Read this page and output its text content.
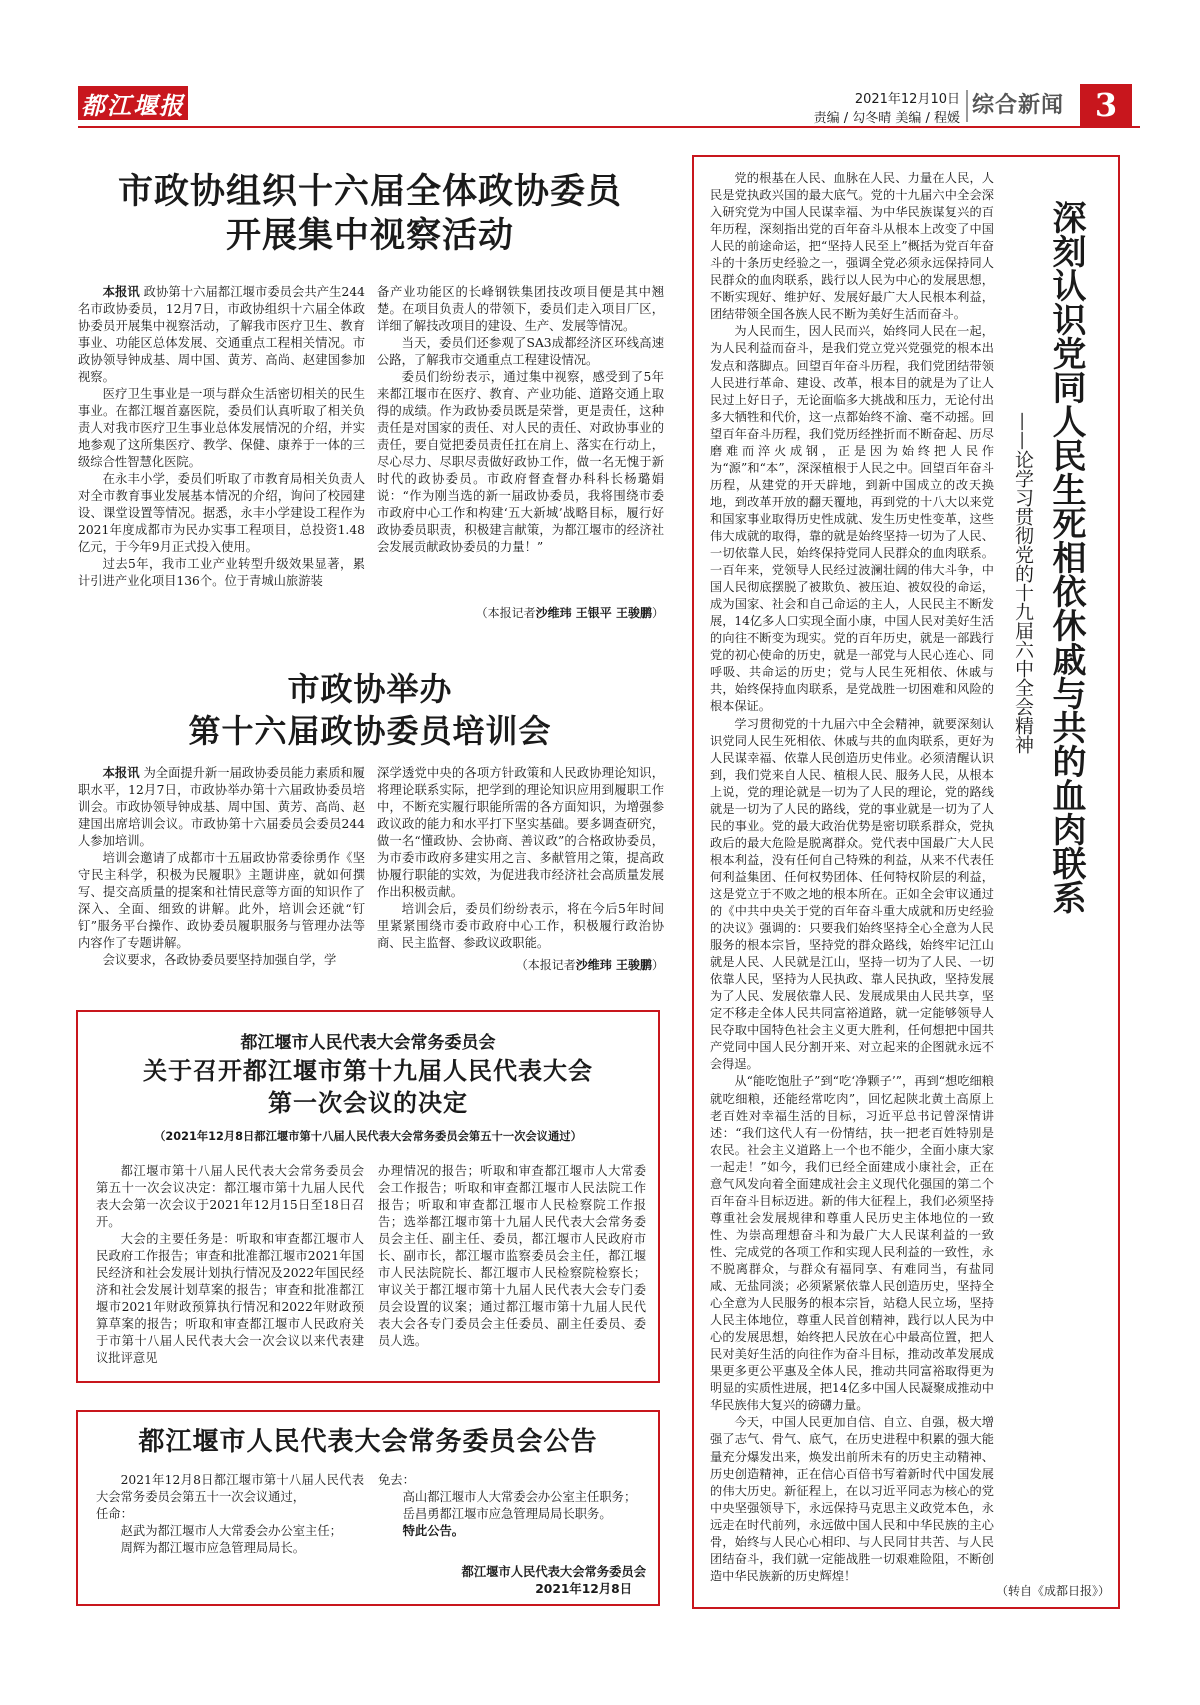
都江堰报	2021年12月10日
责编 / 勾冬晴 美编 / 程媛
综合新闻 3
市政协组织十六届全体政协委员
开展集中视察活动

本报讯 政协第十六届都江堰市委员会共产生244名市政协委员，12月7日，市政协组织十六届全体政协委员开展集中视察活动，了解我市医疗卫生、教育事业、功能区总体发展、交通重点工程相关情况。市政协领导钟成基、周中国、黄芳、高尚、赵建国参加视察。

医疗卫生事业是一项与群众生活密切相关的民生事业。在都江堰首嘉医院，委员们认真听取了相关负责人对我市医疗卫生事业总体发展情况的介绍，并实地参观了这所集医疗、教学、保健、康养于一体的三级综合性智慧化医院。

在永丰小学，委员们听取了市教育局相关负责人对全市教育事业发展基本情况的介绍，询问了校园建设、课堂设置等情况。据悉，永丰小学建设工程作为2021年度成都市为民办实事工程项目，总投资1.48亿元，于今年9月正式投入使用。

过去5年，我市工业产业转型升级效果显著，累计引进产业化项目136个。位于青城山旅游装

备产业功能区的长峰钢铁集团技改项目便是其中翘楚。在项目负责人的带领下，委员们走入项目厂区，详细了解技改项目的建设、生产、发展等情况。

当天，委员们还参观了SA3成都经济区环线高速公路，了解我市交通重点工程建设情况。

委员们纷纷表示，通过集中视察，感受到了5年来都江堰市在医疗、教育、产业功能、道路交通上取得的成绩。作为政协委员既是荣誉，更是责任，这种责任是对国家的责任、对人民的责任、对政协事业的责任，要自觉把委员责任扛在肩上、落实在行动上，尽心尽力、尽职尽责做好政协工作，做一名无愧于新时代的政协委员。市政府督查督办科科长杨璐娟说：“作为刚当选的新一届政协委员，我将围绕市委市政府中心工作和构建‘五大新城’战略目标，履行好政协委员职责，积极建言献策，为都江堰市的经济社会发展贡献政协委员的力量！”

（本报记者沙维玮 王银平 王骏鹏）
市政协举办
第十六届政协委员培训会

本报讯 为全面提升新一届政协委员能力素质和履职水平，12月7日，市政协举办第十六届政协委员培训会。市政协领导钟成基、周中国、黄芳、高尚、赵建国出席培训会议。市政协第十六届委员会委员244人参加培训。

培训会邀请了成都市十五届政协常委徐勇作《坚守民主科学，积极为民履职》主题讲座，就如何撰写、提交高质量的提案和社情民意等方面的知识作了深入、全面、细致的讲解。此外，培训会还就“钉钉”服务平台操作、政协委员履职服务与管理办法等内容作了专题讲解。

会议要求，各政协委员要坚持加强自学，学

深学透党中央的各项方针政策和人民政协理论知识，将理论联系实际，把学到的理论知识应用到履职工作中，不断充实履行职能所需的各方面知识，为增强参政议政的能力和水平打下坚实基础。要多调查研究，做一名“懂政协、会协商、善议政”的合格政协委员，为市委市政府多建实用之言、多献管用之策，提高政协履行职能的实效，为促进我市经济社会高质量发展作出积极贡献。

培训会后，委员们纷纷表示，将在今后5年时间里紧紧围绕市委市政府中心工作，积极履行政治协商、民主监督、参政议政职能。

（本报记者沙维玮 王骏鹏）
都江堰市人民代表大会常务委员会
关于召开都江堰市第十九届人民代表大会
第一次会议的决定
（2021年12月8日都江堰市第十八届人民代表大会常务委员会第五十一次会议通过）

都江堰市第十八届人民代表大会常务委员会第五十一次会议决定：都江堰市第十九届人民代表大会第一次会议于2021年12月15日至18日召开。

大会的主要任务是：听取和审查都江堰市人民政府工作报告；审查和批准都江堰市2021年国民经济和社会发展计划执行情况及2022年国民经济和社会发展计划草案的报告；审查和批准都江堰市2021年财政预算执行情况和2022年财政预算草案的报告；听取和审查都江堰市人民政府关于市第十八届人民代表大会一次会议以来代表建议批评意见

办理情况的报告；听取和审查都江堰市人大常委会工作报告；听取和审查都江堰市人民法院工作报告；听取和审查都江堰市人民检察院工作报告；选举都江堰市第十九届人民代表大会常务委员会主任、副主任、委员，都江堰市人民政府市长、副市长，都江堰市监察委员会主任，都江堰市人民法院院长、都江堰市人民检察院检察长；审议关于都江堰市第十九届人民代表大会专门委员会设置的议案；通过都江堰市第十九届人民代表大会各专门委员会主任委员、副主任委员、委员人选。

都江堰市人民代表大会常务委员会公告

2021年12月8日都江堰市第十八届人民代表大会常务委员会第五十一次会议通过，

任命：

赵武为都江堰市人大常委会办公室主任；

周辉为都江堰市应急管理局局长。

免去：

高山都江堰市人大常委会办公室主任职务；

岳昌勇都江堰市应急管理局局长职务。

特此公告。

都江堰市人民代表大会常务委员会
2021年12月8日

党的根基在人民、血脉在人民、力量在人民，人民是党执政兴国的最大底气。党的十九届六中全会深入研究党为中国人民谋幸福、为中华民族谋复兴的百年历程，深刻指出党的百年奋斗从根本上改变了中国人民的前途命运，把“坚持人民至上”概括为党百年奋斗的十条历史经验之一，强调全党必须永远保持同人民群众的血肉联系，践行以人民为中心的发展思想，不断实现好、维护好、发展好最广大人民根本利益，团结带领全国各族人民不断为美好生活而奋斗。

为人民而生，因人民而兴，始终同人民在一起，为人民利益而奋斗，是我们党立党兴党强党的根本出发点和落脚点。回望百年奋斗历程，我们党团结带领人民进行革命、建设、改革，根本目的就是为了让人民过上好日子，无论面临多大挑战和压力，无论付出多大牺牲和代价，这一点都始终不渝、毫不动摇。回望百年奋斗历程，我们党历经挫折而不断奋起、历尽磨难而淬火成钢，正是因为始终把人民作为“源”和“本”，深深植根于人民之中。回望百年奋斗历程，从建党的开天辟地，到新中国成立的改天换地，到改革开放的翻天覆地，再到党的十八大以来党和国家事业取得历史性成就、发生历史性变革，这些伟大成就的取得，靠的就是始终坚持一切为了人民、一切依靠人民，始终保持党同人民群众的血肉联系。一百年来，党领导人民经过波澜壮阔的伟大斗争，中国人民彻底摆脱了被欺负、被压迫、被奴役的命运，成为国家、社会和自己命运的主人，人民民主不断发展，14亿多人口实现全面小康，中国人民对美好生活的向往不断变为现实。党的百年历史，就是一部践行党的初心使命的历史，就是一部党与人民心连心、同呼吸、共命运的历史；党与人民生死相依、休戚与共，始终保持血肉联系，是党战胜一切困难和风险的根本保证。

学习贯彻党的十九届六中全会精神，就要深刻认识党同人民生死相依、休戚与共的血肉联系，更好为人民谋幸福、依靠人民创造历史伟业。必须清醒认识到，我们党来自人民、植根人民、服务人民，从根本上说，党的理论就是一切为了人民的理论，党的路线就是一切为了人民的路线，党的事业就是一切为了人民的事业。党的最大政治优势是密切联系群众，党执政后的最大危险是脱离群众。党代表中国最广大人民根本利益，没有任何自己特殊的利益，从来不代表任何利益集团、任何权势团体、任何特权阶层的利益，这是党立于不败之地的根本所在。正如全会审议通过的《中共中央关于党的百年奋斗重大成就和历史经验的决议》强调的：只要我们始终坚持全心全意为人民服务的根本宗旨，坚持党的群众路线，始终牢记江山就是人民、人民就是江山，坚持一切为了人民、一切依靠人民，坚持为人民执政、靠人民执政，坚持发展为了人民、发展依靠人民、发展成果由人民共享，坚定不移走全体人民共同富裕道路，就一定能够领导人民夺取中国特色社会主义更大胜利，任何想把中国共产党同中国人民分割开来、对立起来的企图就永远不会得逞。

从“能吃饱肚子”到“吃‘净颗子’”，再到“想吃细粮就吃细粮，还能经常吃肉”，回忆起陕北黄土高原上老百姓对幸福生活的目标，习近平总书记曾深情讲述：“我们这代人有一份情结，扶一把老百姓特别是农民。社会主义道路上一个也不能少，全面小康大家一起走！”如今，我们已经全面建成小康社会，正在意气风发向着全面建成社会主义现代化强国的第二个百年奋斗目标迈进。新的伟大征程上，我们必须坚持尊重社会发展规律和尊重人民历史主体地位的一致性、为崇高理想奋斗和为最广大人民谋利益的一致性、完成党的各项工作和实现人民利益的一致性，永不脱离群众，与群众有福同享、有难同当，有盐同咸、无盐同淡；必须紧紧依靠人民创造历史，坚持全心全意为人民服务的根本宗旨，站稳人民立场，坚持人民主体地位，尊重人民首创精神，践行以人民为中心的发展思想，始终把人民放在心中最高位置，把人民对美好生活的向往作为奋斗目标，推动改革发展成果更多更公平惠及全体人民，推动共同富裕取得更为明显的实质性进展，把14亿多中国人民凝聚成推动中华民族伟大复兴的磅礴力量。

今天，中国人民更加自信、自立、自强，极大增强了志气、骨气、底气，在历史进程中积累的强大能量充分爆发出来，焕发出前所未有的历史主动精神、历史创造精神，正在信心百倍书写着新时代中国发展的伟大历史。新征程上，在以习近平同志为核心的党中央坚强领导下，永远保持马克思主义政党本色，永远走在时代前列，永远做中国人民和中华民族的主心骨，始终与人民心心相印、与人民同甘共苦、与人民团结奋斗，我们就一定能战胜一切艰难险阻，不断创造中华民族新的历史辉煌！

深刻认识党同人民生死相依休戚与共的血肉联系
——论学习贯彻党的十九届六中全会精神
（转自《成都日报》）
